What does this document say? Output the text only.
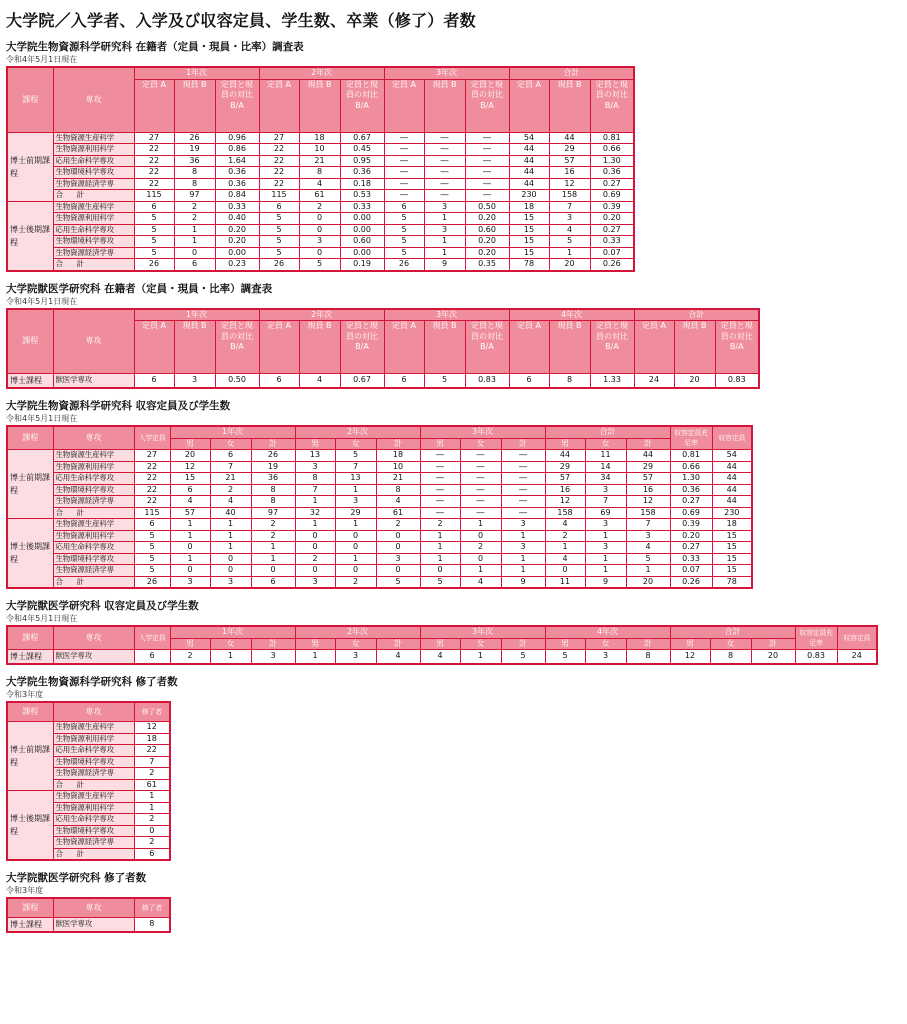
大学院／入学者、入学及び収容定員、学生数、卒業（修了）者数
大学院生物資源科学研究科 在籍者（定員・現員・比率）調査表
令和4年5月1日現在
課程	専攻	1年次			2年次			3年次			合計		
		定員 A	現員 B	定員と現員の対比 B/A	定員 A	現員 B	定員と現員の対比 B/A	定員 A	現員 B	定員と現員の対比 B/A	定員 A	現員 B	定員と現員の対比 B/A
博士前期課程	生物資源生産科学	27	26	0.96	27	18	0.67	―	―	―	54	44	0.81
	生物資源利用科学	22	19	0.86	22	10	0.45	―	―	―	44	29	0.66
	応用生命科学専攻	22	36	1.64	22	21	0.95	―	―	―	44	57	1.30
	生物環境科学専攻	22	8	0.36	22	8	0.36	―	―	―	44	16	0.36
	生物資源経済学専	22	8	0.36	22	4	0.18	―	―	―	44	12	0.27
	合　計	115	97	0.84	115	61	0.53	―	―	―	230	158	0.69
博士後期課程	生物資源生産科学	6	2	0.33	6	2	0.33	6	3	0.50	18	7	0.39
	生物資源利用科学	5	2	0.40	5	0	0.00	5	1	0.20	15	3	0.20
	応用生命科学専攻	5	1	0.20	5	0	0.00	5	3	0.60	15	4	0.27
	生物環境科学専攻	5	1	0.20	5	3	0.60	5	1	0.20	15	5	0.33
	生物資源経済学専	5	0	0.00	5	0	0.00	5	1	0.20	15	1	0.07
	合　計	26	6	0.23	26	5	0.19	26	9	0.35	78	20	0.26
大学院獣医学研究科 在籍者（定員・現員・比率）調査表
令和4年5月1日現在
課程	専攻	1年次			2年次			3年次			4年次			合計		
		定員 A	現員 B	定員と現員の対比 B/A	定員 A	現員 B	定員と現員の対比 B/A	定員 A	現員 B	定員と現員の対比 B/A	定員 A	現員 B	定員と現員の対比 B/A	定員 A	現員 B	定員と現員の対比 B/A
博士課程	獣医学専攻	6	3	0.50	6	4	0.67	6	5	0.83	6	8	1.33	24	20	0.83
大学院生物資源科学研究科 収容定員及び学生数
令和4年5月1日現在
課程	専攻	入学定員	1年次			2年次			3年次			合計			収容定員充足率	収容定員
			男	女	計	男	女	計	男	女	計	男	女	計		
博士前期課程	生物資源生産科学	27	20	6	26	13	5	18	―	―	―	44	11	44	0.81	54
	生物資源利用科学	22	12	7	19	3	7	10	―	―	―	29	14	29	0.66	44
	応用生命科学専攻	22	15	21	36	8	13	21	―	―	―	57	34	57	1.30	44
	生物環境科学専攻	22	6	2	8	7	1	8	―	―	―	16	3	16	0.36	44
	生物資源経済学専	22	4	4	8	1	3	4	―	―	―	12	7	12	0.27	44
	合　計	115	57	40	97	32	29	61	―	―	―	158	69	158	0.69	230
博士後期課程	生物資源生産科学	6	1	1	2	1	1	2	2	1	3	4	3	7	0.39	18
	生物資源利用科学	5	1	1	2	0	0	0	1	0	1	2	1	3	0.20	15
	応用生命科学専攻	5	0	1	1	0	0	0	1	2	3	1	3	4	0.27	15
	生物環境科学専攻	5	1	0	1	2	1	3	1	0	1	4	1	5	0.33	15
	生物資源経済学専	5	0	0	0	0	0	0	0	1	1	0	1	1	0.07	15
	合　計	26	3	3	6	3	2	5	5	4	9	11	9	20	0.26	78
大学院獣医学研究科 収容定員及び学生数
令和4年5月1日現在
課程	専攻	入学定員	1年次			2年次			3年次			4年次			合計			収容定員充足率	収容定員
			男	女	計	男	女	計	男	女	計	男	女	計	男	女	計		
博士課程	獣医学専攻	6	2	1	3	1	3	4	4	1	5	5	3	8	12	8	20	0.83	24
大学院生物資源科学研究科 修了者数
令和3年度
課程	専攻	修了者
博士前期課程	生物資源生産科学	12
	生物資源利用科学	18
	応用生命科学専攻	22
	生物環境科学専攻	7
	生物資源経済学専	2
	合　計	61
博士後期課程	生物資源生産科学	1
	生物資源利用科学	1
	応用生命科学専攻	2
	生物環境科学専攻	0
	生物資源経済学専	2
	合　計	6
大学院獣医学研究科 修了者数
令和3年度
課程	専攻	修了者
博士課程	獣医学専攻	8
